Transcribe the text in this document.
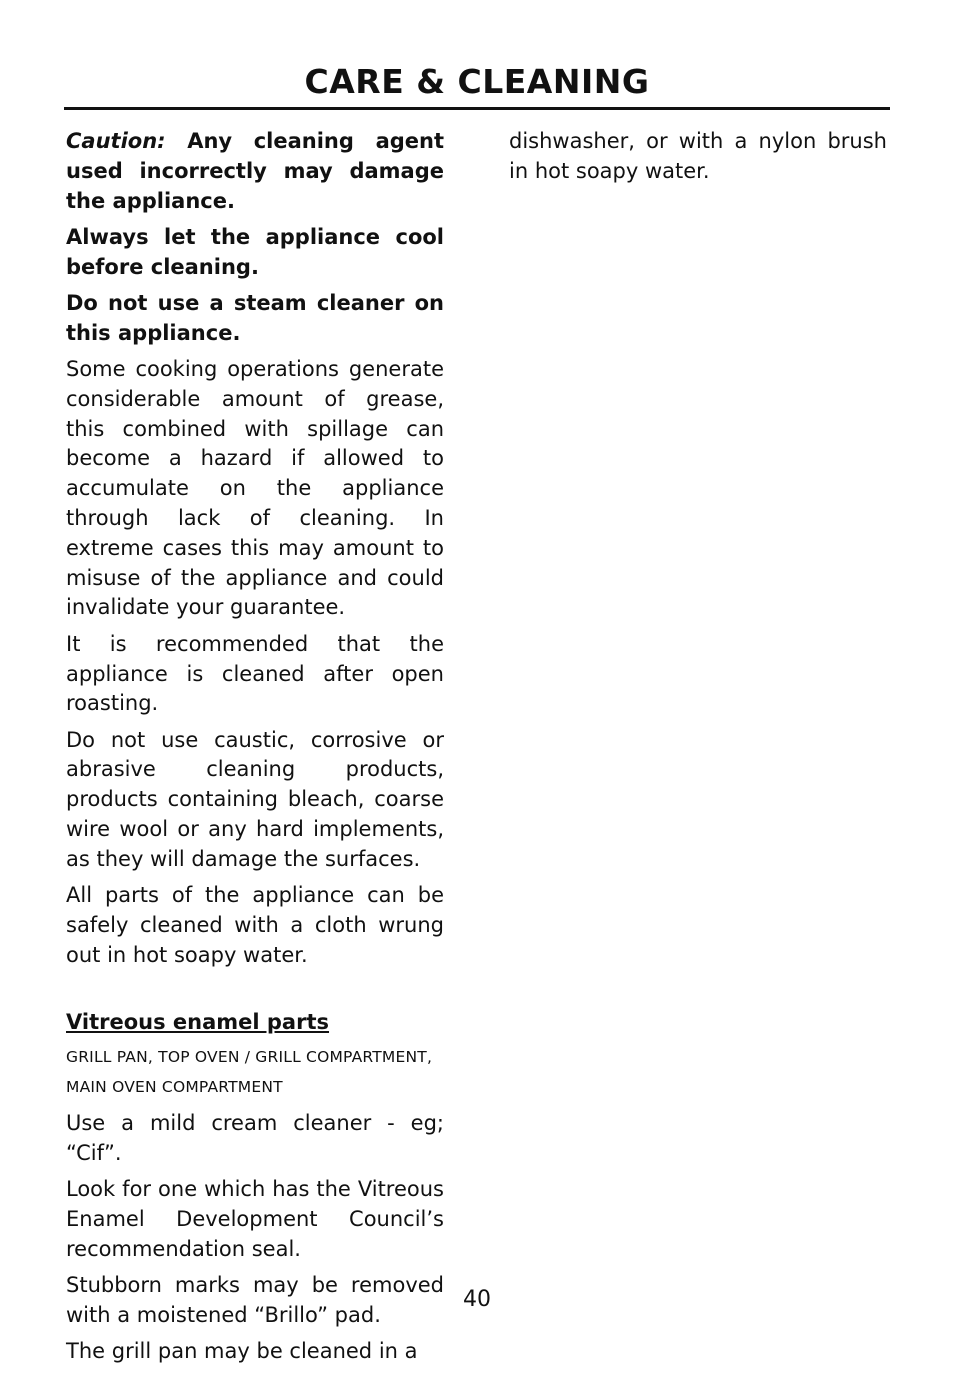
CARE & CLEANING

Caution: Any cleaning agent used incorrectly may damage the appliance.

Always let the appliance cool before cleaning.

Do not use a steam cleaner on this appliance.

Some cooking operations generate considerable amount of grease, this combined with spillage can become a hazard if allowed to accumulate on the appliance through lack of cleaning. In extreme cases this may amount to misuse of the appliance and could invalidate your guarantee.

It is recommended that the appliance is cleaned after open roasting.

Do not use caustic, corrosive or abrasive cleaning products, products containing bleach, coarse wire wool or any hard implements, as they will damage the surfaces.

All parts of the appliance can be safely cleaned with a cloth wrung out in hot soapy water.

Vitreous enamel parts

GRILL PAN, TOP OVEN / GRILL COMPARTMENT, MAIN OVEN COMPARTMENT

Use a mild cream cleaner - eg; “Cif”.

Look for one which has the Vitreous Enamel Development Council’s recommendation seal.

Stubborn marks may be removed with a moistened “Brillo” pad.

The grill pan may be cleaned in a

dishwasher, or with a nylon brush in hot soapy water.

40
